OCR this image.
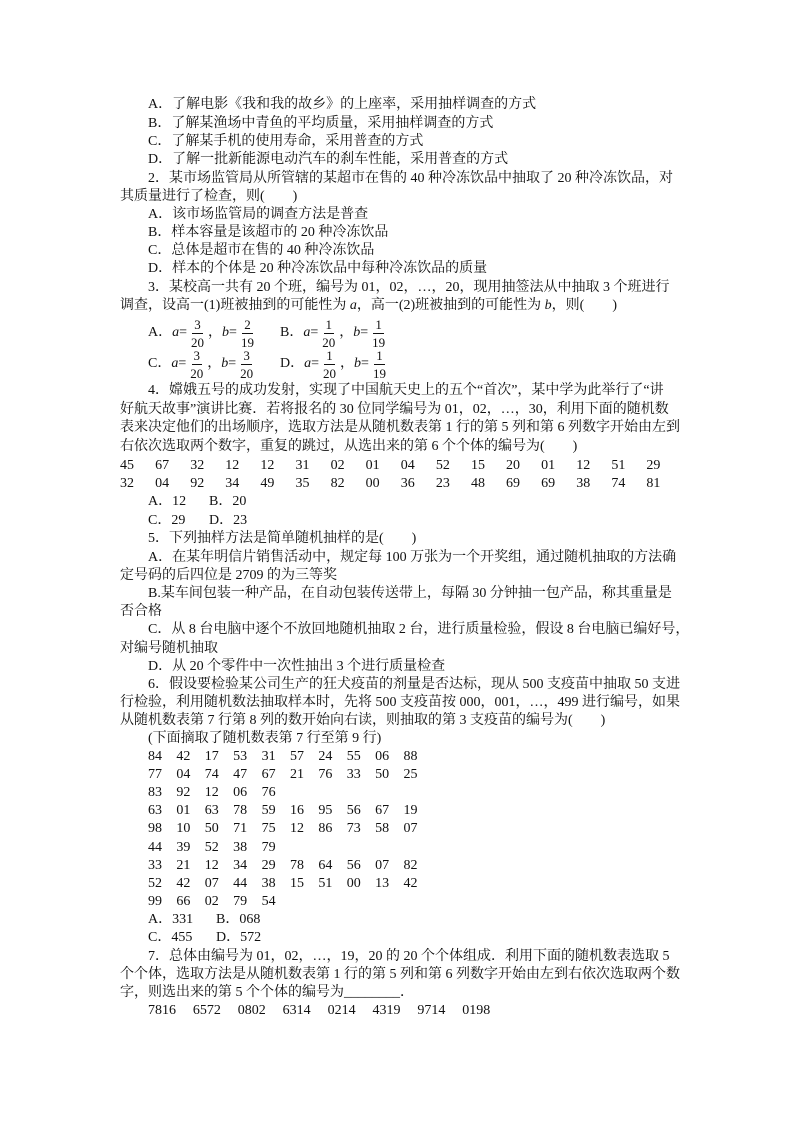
A．了解电影《我和我的故乡》的上座率，采用抽样调查的方式
B．了解某渔场中青鱼的平均质量，采用抽样调查的方式
C．了解某手机的使用寿命，采用普查的方式
D．了解一批新能源电动汽车的刹车性能，采用普查的方式
2．某市场监管局从所管辖的某超市在售的 40 种冷冻饮品中抽取了 20 种冷冻饮品，对
其质量进行了检查，则(　　)
A．该市场监管局的调查方法是普查
B．样本容量是该超市的 20 种冷冻饮品
C．总体是超市在售的 40 种冷冻饮品
D．样本的个体是 20 种冷冻饮品中每种冷冻饮品的质量
3．某校高一共有 20 个班，编号为 01，02，…，20，现用抽签法从中抽取 3 个班进行
调查，设高一(1)班被抽到的可能性为 a，高一(2)班被抽到的可能性为 b，则(　　)
A． $a = \frac{3}{20}$ ， $b = \frac{2}{19}$ B． $a = \frac{1}{20}$ ， $b = \frac{1}{19}$
C． $a = \frac{3}{20}$ ， $b = \frac{3}{20}$ D． $a = \frac{1}{20}$ ， $b = \frac{1}{19}$
4．嫦娥五号的成功发射，实现了中国航天史上的五个“首次”，某中学为此举行了“讲
好航天故事”演讲比赛．若将报名的 30 位同学编号为 01，02，…，30，利用下面的随机数
表来决定他们的出场顺序，选取方法是从随机数表第 1 行的第 5 列和第 6 列数字开始由左到
右依次选取两个数字，重复的跳过，从选出来的第 6 个个体的编号为(　　)
45	67	32	12	12	31	02	01	04	52	15	20	01	12	51	29
32	04	92	34	49	35	82	00	36	23	48	69	69	38	74	81
A．12 B．20
C．29 D．23
5．下列抽样方法是简单随机抽样的是(　　)
A．在某年明信片销售活动中，规定每 100 万张为一个开奖组，通过随机抽取的方法确
定号码的后四位是 2709 的为三等奖
B.某车间包装一种产品，在自动包装传送带上，每隔 30 分钟抽一包产品，称其重量是
否合格
C．从 8 台电脑中逐个不放回地随机抽取 2 台，进行质量检验，假设 8 台电脑已编好号，
对编号随机抽取
D．从 20 个零件中一次性抽出 3 个进行质量检查
6．假设要检验某公司生产的狂犬疫苗的剂量是否达标，现从 500 支疫苗中抽取 50 支进
行检验，利用随机数法抽取样本时，先将 500 支疫苗按 000，001，…，499 进行编号，如果
从随机数表第 7 行第 8 列的数开始向右读，则抽取的第 3 支疫苗的编号为(　　)
(下面摘取了随机数表第 7 行至第 9 行)
84	42	17	53	31	57	24	55	06	88
77	04	74	47	67	21	76	33	50	25
83	92	12	06	76
63	01	63	78	59	16	95	56	67	19
98	10	50	71	75	12	86	73	58	07
44	39	52	38	79
33	21	12	34	29	78	64	56	07	82
52	42	07	44	38	15	51	00	13	42
99	66	02	79	54
A．331 B．068
C．455 D．572
7．总体由编号为 01，02，…，19，20 的 20 个个体组成．利用下面的随机数表选取 5
个个体，选取方法是从随机数表第 1 行的第 5 列和第 6 列数字开始由左到右依次选取两个数
字，则选出来的第 5 个个体的编号为________．
7816	6572	0802	6314	0214	4319	9714	0198
